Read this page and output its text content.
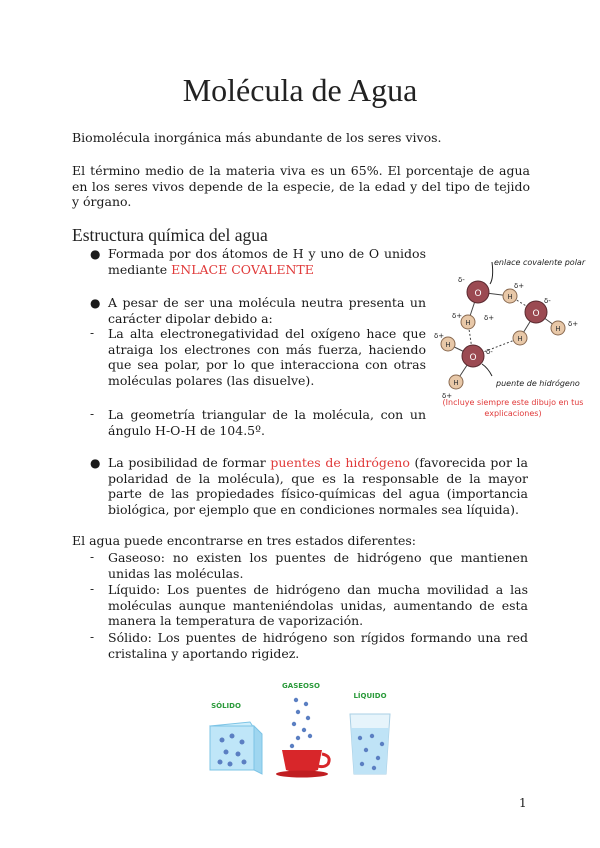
Molécula de Agua

Biomolécula inorgánica más abundante de los seres vivos.

El término medio de la materia viva es un 65%. El porcentaje de agua en los seres vivos depende de la especie, de la edad y del tipo de tejido y órgano.

Estructura química del agua
● Formada por dos átomos de H y uno de O unidos mediante ENLACE COVALENTE

● A pesar de ser una molécula neutra presenta un carácter dipolar debido a:

- La alta electronegatividad del oxígeno hace que atraiga los electrones con más fuerza, haciendo que sea polar, por lo que interacciona con otras moléculas polares (las disuelve).

- La geometría triangular de la molécula, con un ángulo H-O-H de 104.5º.

O
O
O
H
H
H
H
H
H
δ-
δ+
δ-
δ+
δ+	δ+
δ+
δ+
δ-
enlace covalente polar
puente de hidrógeno
(Incluye siempre este dibujo en tus
explicaciones)
● La posibilidad de formar puentes de hidrógeno (favorecida por la polaridad de la molécula), que es la responsable de la mayor parte de las propiedades físico-químicas del agua (importancia biológica, por ejemplo que en condiciones normales sea líquida).

El agua puede encontrarse en tres estados diferentes:

- Gaseoso: no existen los puentes de hidrógeno que mantienen unidas las moléculas.

- Líquido: Los puentes de hidrógeno dan mucha movilidad a las moléculas aunque manteniéndolas unidas, aumentando de esta manera la temperatura de vaporización.

- Sólido: Los puentes de hidrógeno son rígidos formando una red cristalina y aportando rigidez.

SÓLIDO
GASEOSO
LÍQUIDO
1
